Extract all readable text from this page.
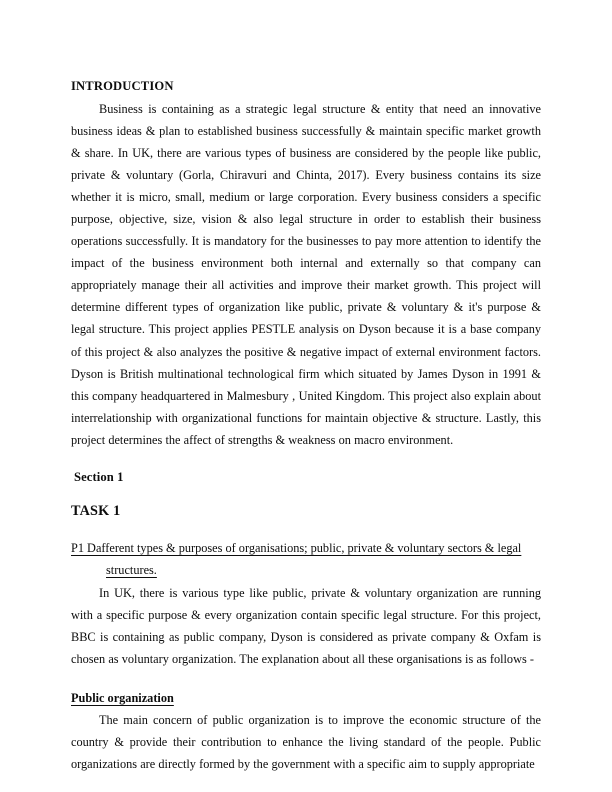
INTRODUCTION

Business is containing as a strategic legal structure & entity that need an innovative business ideas & plan to established business successfully & maintain specific market growth & share. In UK, there are various types of business are considered by the people like public, private & voluntary (Gorla, Chiravuri and Chinta, 2017). Every business contains its size whether it is micro, small, medium or large corporation. Every business considers a specific purpose, objective, size, vision & also legal structure in order to establish their business operations successfully. It is mandatory for the businesses to pay more attention to identify the impact of the business environment both internal and externally so that company can appropriately manage their all activities and improve their market growth. This project will determine different types of organization like public, private & voluntary & it's purpose & legal structure. This project applies PESTLE analysis on Dyson because it is a base company of this project & also analyzes the positive & negative impact of external environment factors. Dyson is British multinational technological firm which situated by James Dyson in 1991 & this company headquartered in Malmesbury , United Kingdom. This project also explain about interrelationship with organizational functions for maintain objective & structure. Lastly, this project determines the affect of strengths & weakness on macro environment.

Section 1
TASK 1
P1 Dafferent types & purposes of organisations; public, private & voluntary sectors & legal
structures.

In UK, there is various type like public, private & voluntary organization are running with a specific purpose & every organization contain specific legal structure. For this project, BBC is containing as public company, Dyson is considered as private company & Oxfam is chosen as voluntary organization. The explanation about all these organisations is as follows -

Public organization

The main concern of public organization is to improve the economic structure of the country & provide their contribution to enhance the living standard of the people. Public organizations are directly formed by the government with a specific aim to supply appropriate
